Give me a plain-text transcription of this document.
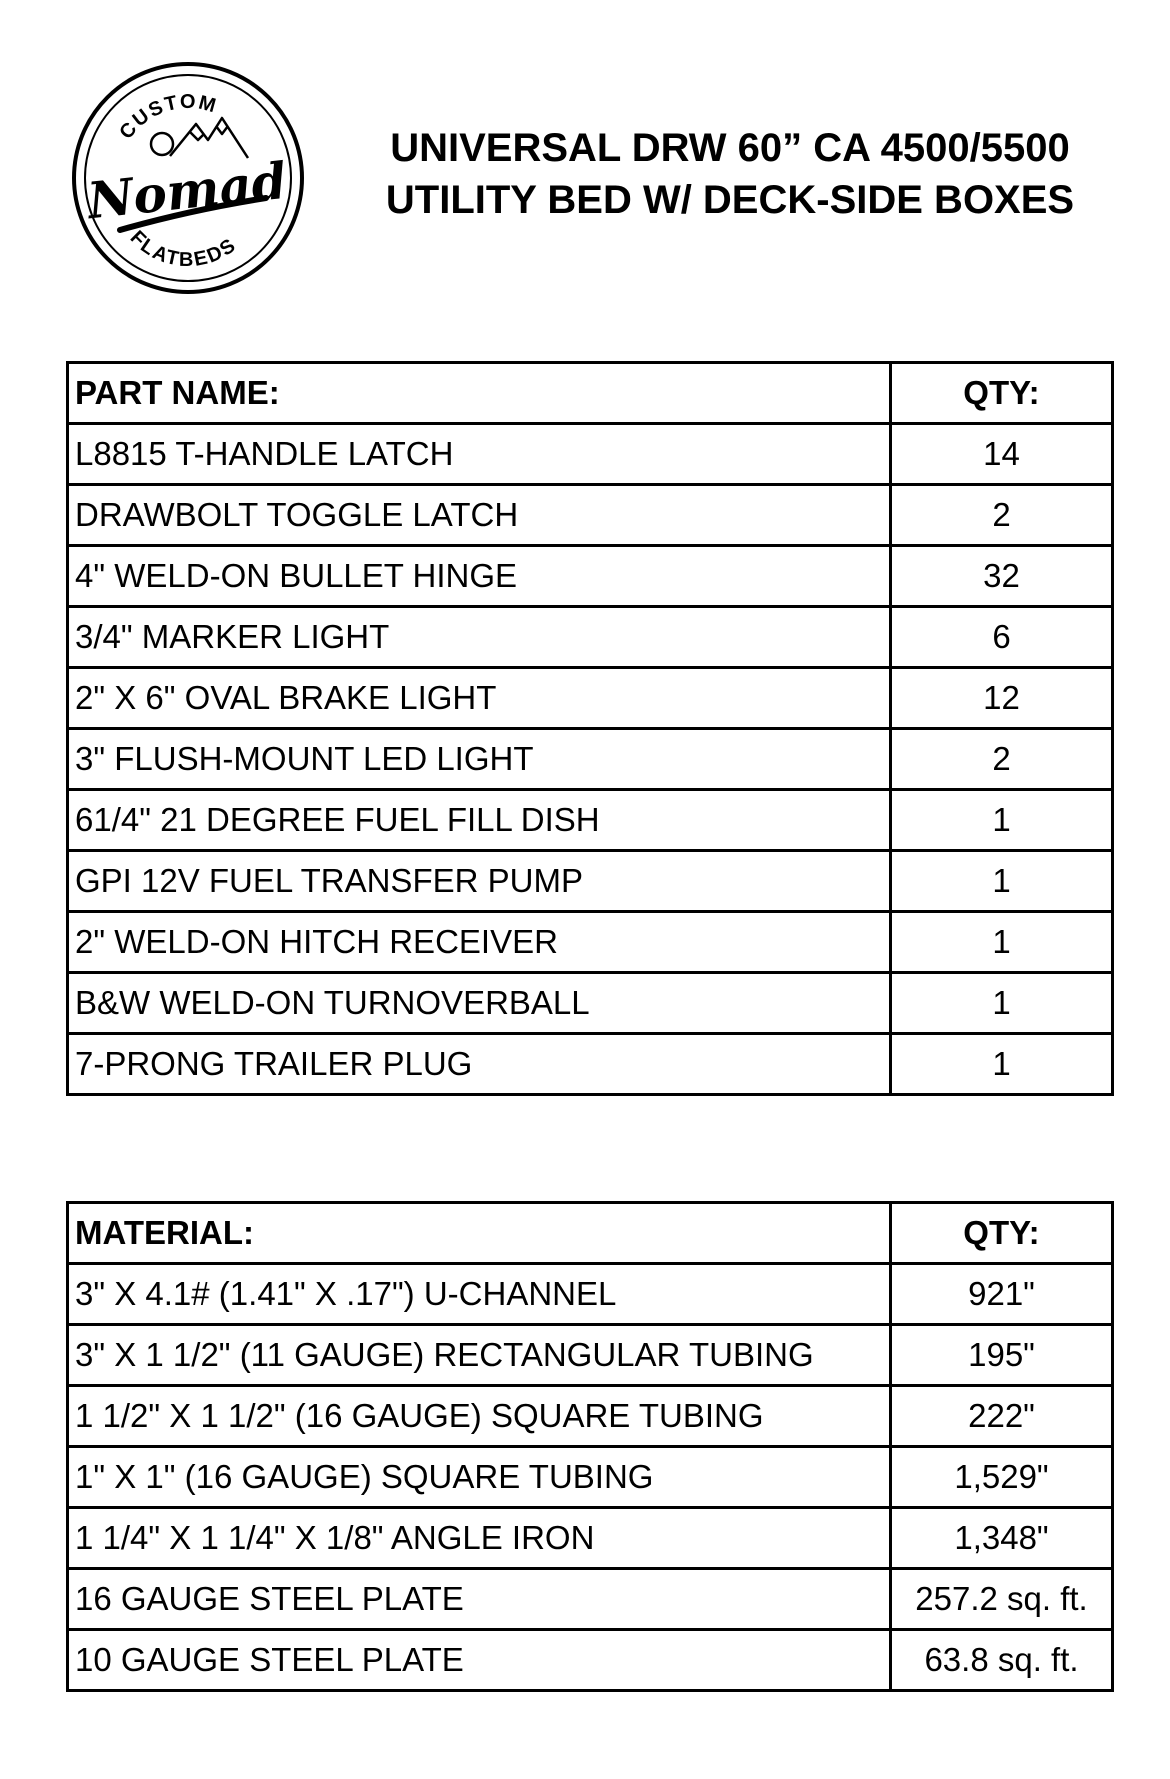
CUSTOM
Nomad
FLATBEDS
UNIVERSAL DRW 60” CA 4500/5500
UTILITY BED W/ DECK-SIDE BOXES
PART NAME:	QTY:
L8815 T-HANDLE LATCH	14
DRAWBOLT TOGGLE LATCH	2
4" WELD-ON BULLET HINGE	32
3/4" MARKER LIGHT	6
2" X 6" OVAL BRAKE LIGHT	12
3" FLUSH-MOUNT LED LIGHT	2
61/4" 21 DEGREE FUEL FILL DISH	1
GPI 12V FUEL TRANSFER PUMP	1
2" WELD-ON HITCH RECEIVER	1
B&W WELD-ON TURNOVERBALL	1
7-PRONG TRAILER PLUG	1
MATERIAL:	QTY:
3" X 4.1# (1.41" X .17") U-CHANNEL	921"
3" X 1 1/2" (11 GAUGE) RECTANGULAR TUBING	195"
1 1/2" X 1 1/2" (16 GAUGE) SQUARE TUBING	222"
1" X 1" (16 GAUGE) SQUARE TUBING	1,529"
1 1/4" X 1 1/4" X 1/8" ANGLE IRON	1,348"
16 GAUGE STEEL PLATE	257.2 sq. ft.
10 GAUGE STEEL PLATE	63.8 sq. ft.
